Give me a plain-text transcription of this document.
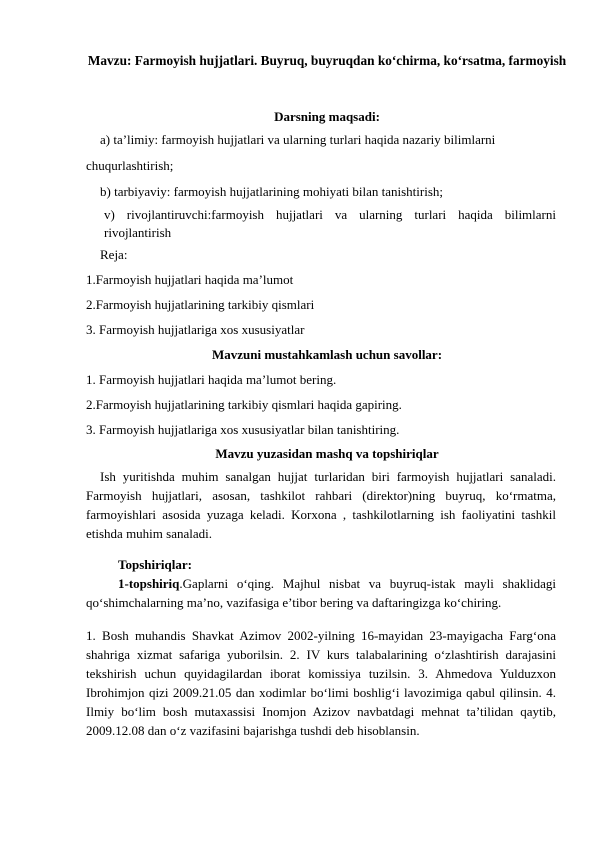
Mavzu: Farmoyish hujjatlari. Buyruq, buyruqdan ko‘chirma, ko‘rsatma, farmoyish
Darsning maqsadi:
a) ta’limiy: farmoyish hujjatlari va ularning turlari haqida nazariy bilimlarni
chuqurlashtirish;
b) tarbiyaviy: farmoyish hujjatlarining mohiyati bilan tanishtirish;
v) rivojlantiruvchi:farmoyish hujjatlari va ularning turlari haqida bilimlarni rivojlantirish
Reja:
1.Farmoyish hujjatlari haqida ma’lumot
2.Farmoyish hujjatlarining tarkibiy qismlari
3. Farmoyish hujjatlariga xos xususiyatlar
Mavzuni mustahkamlash uchun savollar:
1. Farmoyish hujjatlari haqida ma’lumot bering.
2.Farmoyish hujjatlarining tarkibiy qismlari haqida gapiring.
3. Farmoyish hujjatlariga xos xususiyatlar bilan tanishtiring.
Mavzu yuzasidan mashq va topshiriqlar
Ish yuritishda muhim sanalgan hujjat turlaridan biri farmoyish hujjatlari sanaladi. Farmoyish hujjatlari, asosan, tashkilot rahbari (direktor)ning buyruq, ko‘rmatma, farmoyishlari asosida yuzaga keladi. Korxona , tashkilotlarning ish faoliyatini tashkil etishda muhim sanaladi.
Topshiriqlar:
1-topshiriq.Gaplarni o‘qing. Majhul nisbat va buyruq-istak mayli shaklidagi qo‘shimchalarning ma’no, vazifasiga e’tibor bering va daftaringizga ko‘chiring.
1. Bosh muhandis Shavkat Azimov 2002-yilning 16-mayidan 23-mayigacha Farg‘ona shahriga xizmat safariga yuborilsin. 2. IV kurs talabalarining o‘zlashtirish darajasini tekshirish uchun quyidagilardan iborat komissiya tuzilsin. 3. Ahmedova Yulduzxon Ibrohimjon qizi 2009.21.05 dan xodimlar bo‘limi boshlig‘i lavozimiga qabul qilinsin. 4. Ilmiy bo‘lim bosh mutaxassisi Inomjon Azizov navbatdagi mehnat ta’tilidan qaytib, 2009.12.08 dan o‘z vazifasini bajarishga tushdi deb hisoblansin.
